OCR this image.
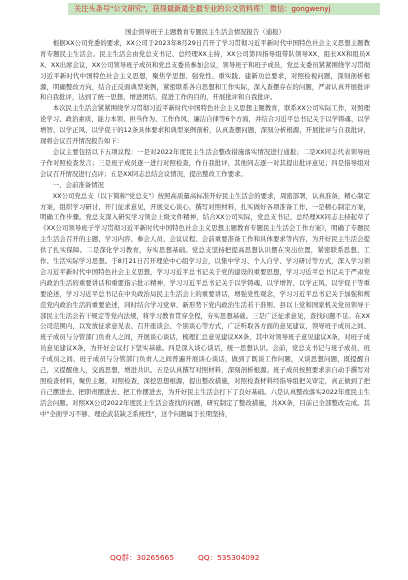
关注头条号"公文研究"，获得最新最全最专业的公文资料库！ 微信：gongwenyj

国企领导班子主题教育专题民主生活会情况报告（通报）

根据XX公司党委的要求，XX公司于2023年8月29日召开了学习贯彻习近平新时代中国特色社会主义思想主题教育专题民主生活会。民主生活会由党总支书记、总经理XX主持，XX公司第四指导组带队领导XX、组长XX和组员XX、XX出席会议，XX公司领导班子成员和党总支委员参加会议，领导班子和班子成员，党总支委员紧紧围绕学习贯彻习近平新时代中国特色社会主义思想，聚焦学思想、强党性、重实践、建新功总要求，对照检视问题，深刻剖析根源，明确整改方向，结合正反面典型案例，紧密联系各自思想和工作实际，深入查摆存在的问题，严肃认真开展批评和自我批评，达到了统一思想、增进团结、促进工作的目的，开展批评和自我批评。

本次民主生活会紧紧围绕学习贯彻习近平新时代中国特色社会主义思想主题教育，联系XX公司实际工作，对照理论学习、政治素质、能力本领、担当作为、工作作风、廉洁自律等6个方面，并结合习近平总书记关于以学铸魂、以学增智、以学正风、以学促干的12条具体要求和典型案例剖析，认真查摆问题，深刻分析根源，开展批评与自我批评，现将会议召开情况报告如下：

会议主要包括以下五项议程：一是对2022年度民主生活会整改措施落实情况进行通报；二是XX同志代表领导班子作对照检查发言；三是班子成员逐一进行对照检查，作自我批评，其他同志逐一对其提出批评意见；四是指导组对会议召开情况进行点评；五是XX同志总结会议情况，提出整改工作要求。

一、会前准备情况

XX公司党总支（以下简称"党总支"）按照高质量高标准开好民主生活会的要求，周密部署，认真准备，精心制定方案，组织学习研讨，开门征求意见，开展交心谈心，撰写对照材料，扎实做好各项准备工作，一是精心制定方案，明确工作步骤。党总支深入研究学习领会上级文件精神，结合XX公司实际，党总支书记、总经理XX同志主持起草了《XX公司领导班子学习贯彻习近平新时代中国特色社会主义思想主题教育专题民主生活会工作方案》，明确了专题民主生活会召开的主题、学习内容、参会人员、会议议程、会前重要准备工作和具体要求等内容，为开好民主生活会提供了扎实保障。二是深化学习教育，夯实思想基础。党总支坚持把提高思想认识摆在突出位置，紧密联系思想、工作、生活实际学习思想。于8月21日召开理论中心组学习会，以集中学习、个人自学、学习研讨等方式，深入学习领会习近平新时代中国特色社会主义思想，学习习近平总书记关于党的建设的重要思想，学习习近平总书记关于严肃党内政治生活的重要讲话和重要指示批示精神，学习习近平总书记关于以学铸魂、以学增智、以学正风、以学促干等重要论述，学习习近平总书记在中央政治局民主生活会上的重要讲话，增强党性观念，学习习近平总书记关于加强和规范党内政治生活的重要论述，同时结合学习党章、新形势下党内政治生活若干准则、县以上党和国家机关党员领导干部民主生活会若干规定等党内法规，将学习教育贯穿全程，夯实思想基础。三是广泛征求意见，查找问题不足。在XX公司范围内，以发放征求意见表、召开座谈会、个别谈心等方式，广泛听取各方面的意见建议，领导班子成员之间、班子成员与分管部门负责人之间，开展谈心谈话，梳理汇总意见建议XX条，其中对领导班子意见建议X条，对班子成员意见建议X条，为开好会议打下坚实基础。四是深入谈心谈话，统一思想认识。会前，党总支书记与班子成员、班子成员之间、班子成员与分管部门负责人之间普遍开展谈心谈话，做到了既谈工作问题，又谈思想问题，既提醒自己，又提醒他人，交流思想，增进共识。五是认真撰写对照材料，深刻剖析根源。班子成员按照要求亲自动手撰写对照检查材料，聚焦主题，对照检查，深挖思想根源，提出整改措施，对照检查材料经指导组把关审定，真正做到了把自己摆进去、把职责摆进去、把工作摆进去，为开好民主生活会打下了良好基础。六是认真整改落实2022年度民主生活会问题。对照XX公司2022年度民主生活会查找的问题，研究制定了整改措施，共XX条，目前已全部整改完成。其中"全面学习不够、理论武装缺乏系统性"，这个问题属于长期坚持，

QQ群：30265665	QQ：535304092
